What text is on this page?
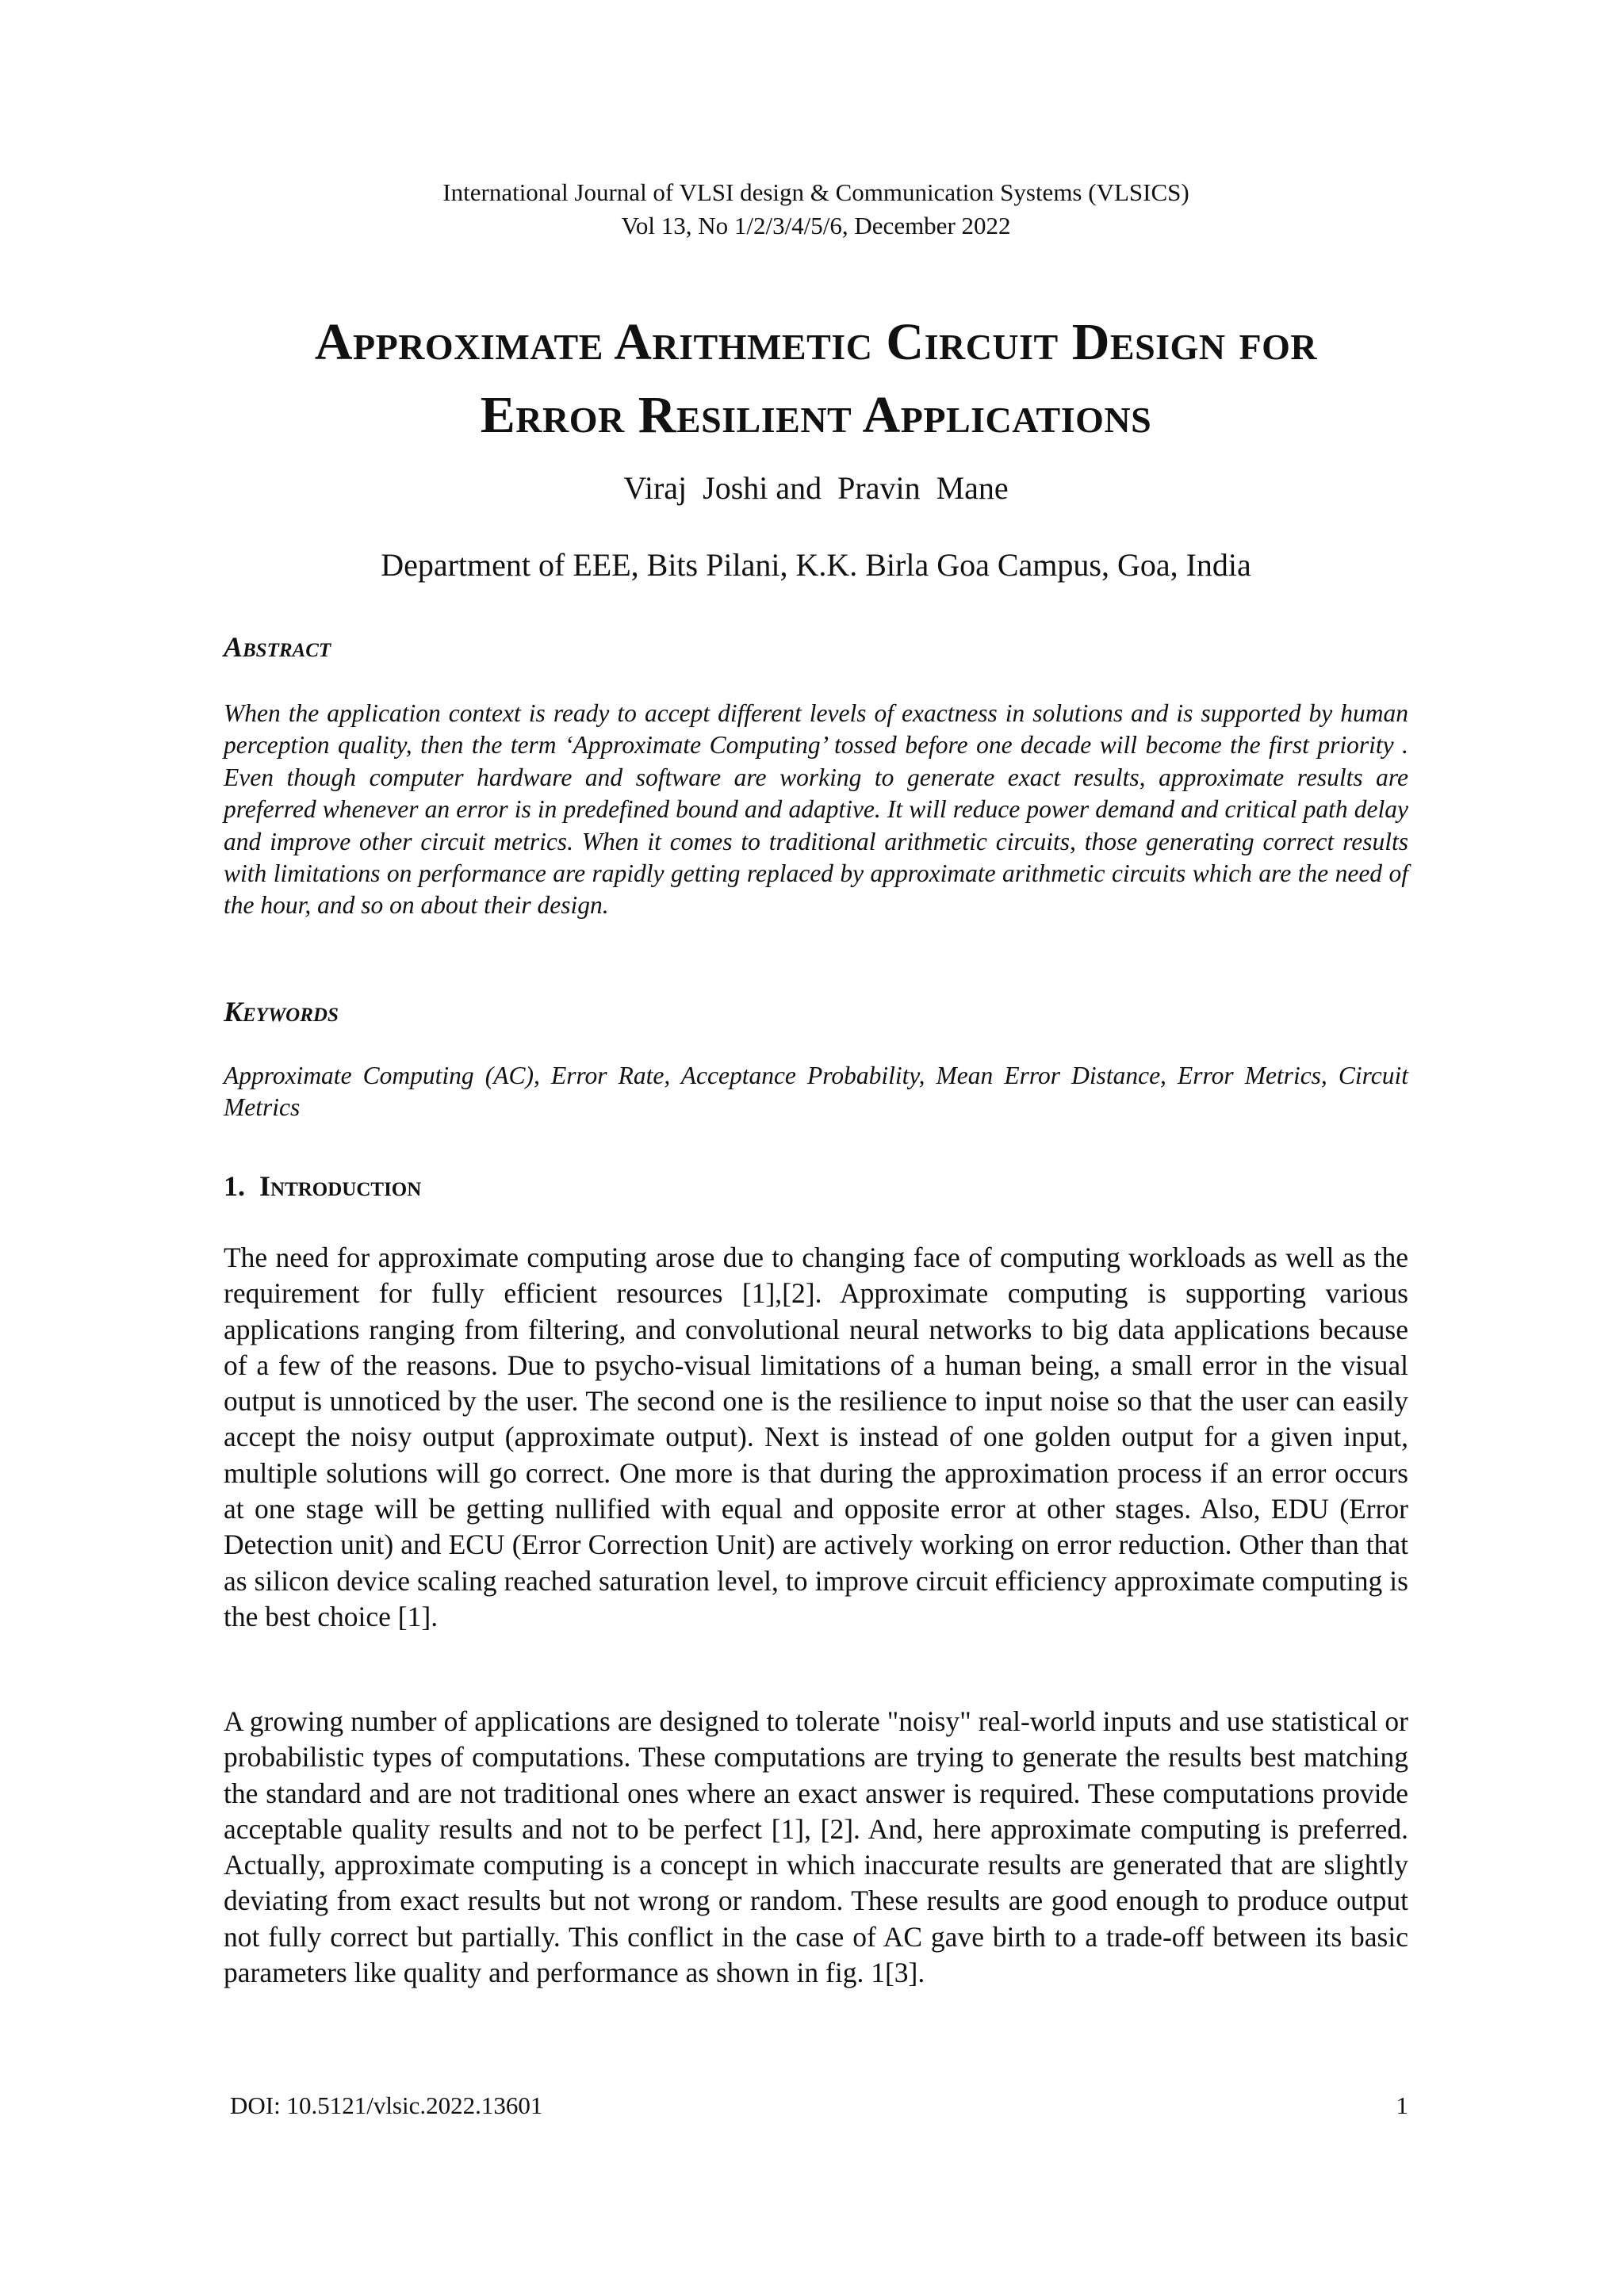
International Journal of VLSI design & Communication Systems (VLSICS)
Vol 13, No 1/2/3/4/5/6, December 2022
Approximate Arithmetic Circuit Design for
Error Resilient Applications
Viraj  Joshi and  Pravin  Mane
Department of EEE, Bits Pilani, K.K. Birla Goa Campus, Goa, India
Abstract
When the application context is ready to accept different levels of exactness in solutions and is supported by human perception quality, then the term ‘Approximate Computing’ tossed before one decade will become the first priority . Even though computer hardware and software are working to generate exact results, approximate results are preferred whenever an error is in predefined bound and adaptive. It will reduce power demand and critical path delay and improve other circuit metrics. When it comes to traditional arithmetic circuits, those generating correct results with limitations on performance are rapidly getting replaced by approximate arithmetic circuits which are the need of the hour, and so on about their design.
Keywords
Approximate Computing (AC), Error Rate, Acceptance Probability, Mean Error Distance, Error Metrics, Circuit Metrics
1. Introduction
The need for approximate computing arose due to changing face of computing workloads as well as the requirement for fully efficient resources [1],[2]. Approximate computing is supporting various applications ranging from filtering, and convolutional neural networks to big data applications because of a few of the reasons. Due to psycho-visual limitations of a human being, a small error in the visual output is unnoticed by the user. The second one is the resilience to input noise so that the user can easily accept the noisy output (approximate output). Next is instead of one golden output for a given input, multiple solutions will go correct. One more is that during the approximation process if an error occurs at one stage will be getting nullified with equal and opposite error at other stages. Also, EDU (Error Detection unit) and ECU (Error Correction Unit) are actively working on error reduction. Other than that as silicon device scaling reached saturation level, to improve circuit efficiency approximate computing is the best choice [1].
A growing number of applications are designed to tolerate "noisy" real-world inputs and use statistical or probabilistic types of computations. These computations are trying to generate the results best matching the standard and are not traditional ones where an exact answer is required. These computations provide acceptable quality results and not to be perfect [1], [2]. And, here approximate computing is preferred. Actually, approximate computing is a concept in which inaccurate results are generated that are slightly deviating from exact results but not wrong or random. These results are good enough to produce output not fully correct but partially. This conflict in the case of AC gave birth to a trade-off between its basic parameters like quality and performance as shown in fig. 1[3].
DOI: 10.5121/vlsic.2022.13601	1
